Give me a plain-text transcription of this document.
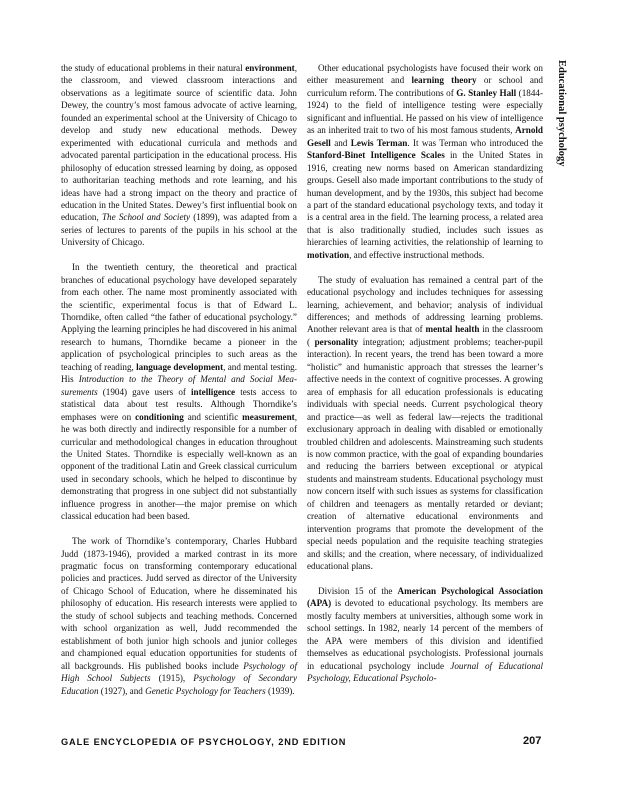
Educational psychology

the study of educational problems in their natural environment, the classroom, and viewed classroom interactions and observations as a legitimate source of scientific data. John Dewey, the country’s most famous advocate of active learning, founded an experimental school at the University of Chicago to develop and study new educational methods. Dewey experimented with educational curricula and methods and advocated parental participation in the educational process. His philosophy of education stressed learning by doing, as opposed to authoritarian teaching methods and rote learning, and his ideas have had a strong impact on the theory and practice of education in the United States. Dewey’s first influential book on education, The School and Society (1899), was adapted from a series of lectures to parents of the pupils in his school at the University of Chicago.

In the twentieth century, the theoretical and practical branches of educational psychology have developed separately from each other. The name most prominently associated with the scientific, experimental focus is that of Edward L. Thorndike, often called “the father of educational psychology.” Applying the learning principles he had discovered in his animal research to humans, Thorndike became a pioneer in the application of psychological principles to such areas as the teaching of reading, language development, and mental testing. His Introduction to the Theory of Mental and Social Measurements (1904) gave users of intelligence tests access to statistical data about test results. Although Thorndike’s emphases were on conditioning and scientific measurement, he was both directly and indirectly responsible for a number of curricular and methodological changes in education throughout the United States. Thorndike is especially well-known as an opponent of the traditional Latin and Greek classical curriculum used in secondary schools, which he helped to discontinue by demonstrating that progress in one subject did not substantially influence progress in another—the major premise on which classical education had been based.

The work of Thorndike’s contemporary, Charles Hubbard Judd (1873-1946), provided a marked contrast in its more pragmatic focus on transforming contemporary educational policies and practices. Judd served as director of the University of Chicago School of Education, where he disseminated his philosophy of education. His research interests were applied to the study of school subjects and teaching methods. Concerned with school organization as well, Judd recommended the establishment of both junior high schools and junior colleges and championed equal education opportunities for students of all backgrounds. His published books include Psychology of High School Subjects (1915), Psychology of Secondary Education (1927), and Genetic Psychology for Teachers (1939).

Other educational psychologists have focused their work on either measurement and learning theory or school and curriculum reform. The contributions of G. Stanley Hall (1844-1924) to the field of intelligence testing were especially significant and influential. He passed on his view of intelligence as an inherited trait to two of his most famous students, Arnold Gesell and Lewis Terman. It was Terman who introduced the Stanford-Binet Intelligence Scales in the United States in 1916, creating new norms based on American standardizing groups. Gesell also made important contributions to the study of human development, and by the 1930s, this subject had become a part of the standard educational psychology texts, and today it is a central area in the field. The learning process, a related area that is also traditionally studied, includes such issues as hierarchies of learning activities, the relationship of learning to motivation, and effective instructional methods.

The study of evaluation has remained a central part of the educational psychology and includes techniques for assessing learning, achievement, and behavior; analysis of individual differences; and methods of addressing learning problems. Another relevant area is that of mental health in the classroom ( personality integration; adjustment problems; teacher-pupil interaction). In recent years, the trend has been toward a more “holistic” and humanistic approach that stresses the learner’s affective needs in the context of cognitive processes. A growing area of emphasis for all education professionals is educating individuals with special needs. Current psychological theory and practice—as well as federal law—rejects the traditional exclusionary approach in dealing with disabled or emotionally troubled children and adolescents. Mainstreaming such students is now common practice, with the goal of expanding boundaries and reducing the barriers between exceptional or atypical students and mainstream students. Educational psychology must now concern itself with such issues as systems for classification of children and teenagers as mentally retarded or deviant; creation of alternative educational environments and intervention programs that promote the development of the special needs population and the requisite teaching strategies and skills; and the creation, where necessary, of individualized educational plans.

Division 15 of the American Psychological Association (APA) is devoted to educational psychology. Its members are mostly faculty members at universities, although some work in school settings. In 1982, nearly 14 percent of the members of the APA were members of this division and identified themselves as educational psychologists. Professional journals in educational psychology include Journal of Educational Psychology, Educational Psycholo-

GALE ENCYCLOPEDIA OF PSYCHOLOGY, 2ND EDITION	207
